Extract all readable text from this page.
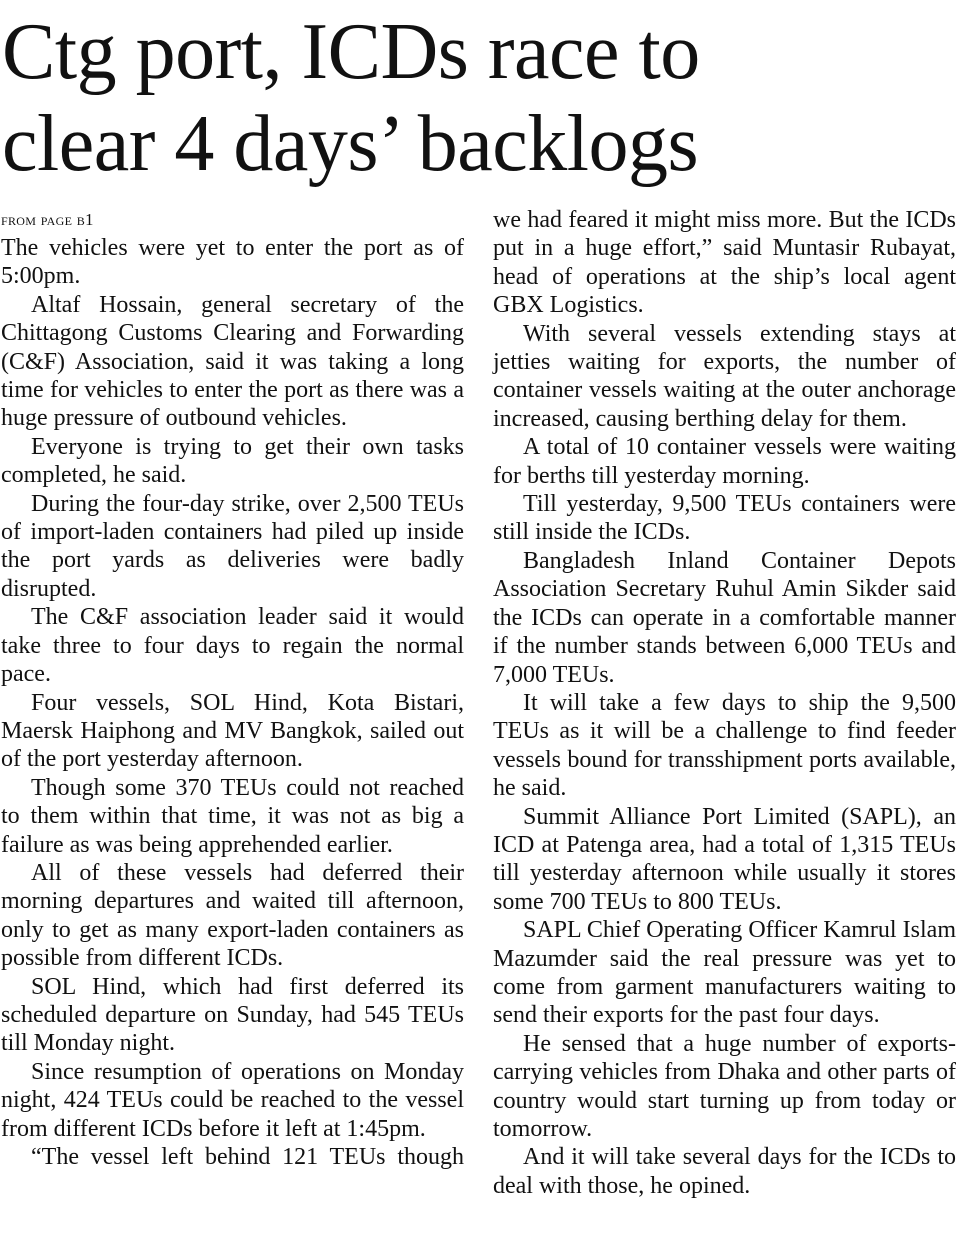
Ctg port, ICDs race to
clear 4 days’ backlogs

from page b1

The vehicles were yet to enter the port as of 5:00pm.

Altaf Hossain, general secretary of the Chittagong Customs Clearing and Forwarding (C&F) Association, said it was taking a long time for vehicles to enter the port as there was a huge pressure of outbound vehicles.

Everyone is trying to get their own tasks completed, he said.

During the four-day strike, over 2,500 TEUs of import-laden containers had piled up inside the port yards as deliveries were badly disrupted.

The C&F association leader said it would take three to four days to regain the normal pace.

Four vessels, SOL Hind, Kota Bistari, Maersk Haiphong and MV Bangkok, sailed out of the port yesterday afternoon.

Though some 370 TEUs could not reached to them within that time, it was not as big a failure as was being apprehended earlier.

All of these vessels had deferred their morning departures and waited till afternoon, only to get as many export-laden containers as possible from different ICDs.

SOL Hind, which had first deferred its scheduled departure on Sunday, had 545 TEUs till Monday night.

Since resumption of operations on Monday night, 424 TEUs could be reached to the vessel from different ICDs before it left at 1:45pm.

“The vessel left behind 121 TEUs though

we had feared it might miss more. But the ICDs put in a huge effort,” said Muntasir Rubayat, head of operations at the ship’s local agent GBX Logistics.

With several vessels extending stays at jetties waiting for exports, the number of container vessels waiting at the outer anchorage increased, causing berthing delay for them.

A total of 10 container vessels were waiting for berths till yesterday morning.

Till yesterday, 9,500 TEUs containers were still inside the ICDs.

Bangladesh Inland Container Depots Association Secretary Ruhul Amin Sikder said the ICDs can operate in a comfortable manner if the number stands between 6,000 TEUs and 7,000 TEUs.

It will take a few days to ship the 9,500 TEUs as it will be a challenge to find feeder vessels bound for transshipment ports available, he said.

Summit Alliance Port Limited (SAPL), an ICD at Patenga area, had a total of 1,315 TEUs till yesterday afternoon while usually it stores some 700 TEUs to 800 TEUs.

SAPL Chief Operating Officer Kamrul Islam Mazumder said the real pressure was yet to come from garment manufacturers waiting to send their exports for the past four days.

He sensed that a huge number of exports-carrying vehicles from Dhaka and other parts of country would start turning up from today or tomorrow.

And it will take several days for the ICDs to deal with those, he opined.
